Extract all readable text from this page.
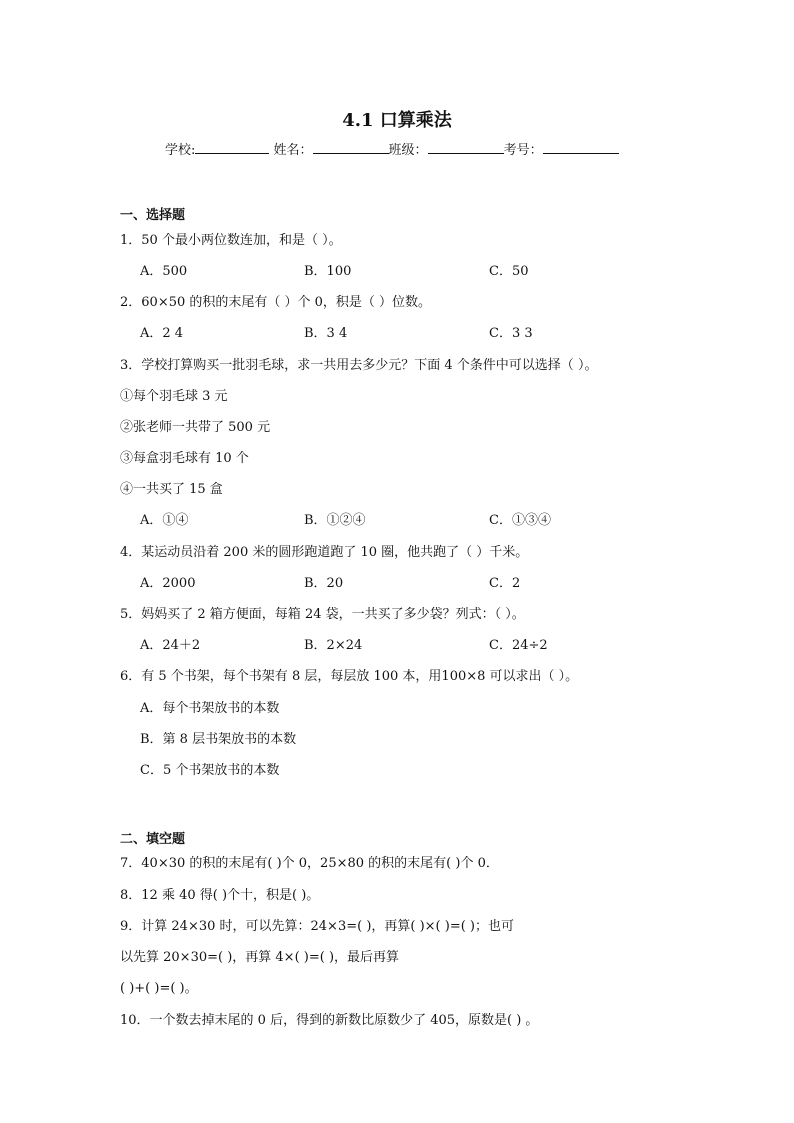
4.1 口算乘法
学校:	姓名：	班级：	考号：
一、选择题
1．50 个最小两位数连加，和是（ ）。
A．500	B．100	C．50
2．60×50 的积的末尾有（ ）个 0，积是（ ）位数。
A．2 4	B．3 4	C．3 3
3．学校打算购买一批羽毛球，求一共用去多少元？下面 4 个条件中可以选择（ ）。
①每个羽毛球 3 元
②张老师一共带了 500 元
③每盒羽毛球有 10 个
④一共买了 15 盒
A．①④	B．①②④	C．①③④
4．某运动员沿着 200 米的圆形跑道跑了 10 圈，他共跑了（ ）千米。
A．2000	B．20	C．2
5．妈妈买了 2 箱方便面，每箱 24 袋，一共买了多少袋？列式：（ ）。
A．24＋2	B．2×24	C．24÷2
6．有 5 个书架，每个书架有 8 层，每层放 100 本，用100×8 可以求出（ ）。
A．每个书架放书的本数
B．第 8 层书架放书的本数
C．5 个书架放书的本数
二、填空题
7．40×30 的积的末尾有( )个 0，25×80 的积的末尾有( )个 0．
8．12 乘 40 得( )个十，积是( )。
9．计算 24×30 时，可以先算：24×3=( )，再算( )×( )=( )；也可
以先算 20×30=( )，再算 4×( )=( )，最后再算
( )+( )=( )。
10．一个数去掉末尾的 0 后，得到的新数比原数少了 405，原数是( ) 。
